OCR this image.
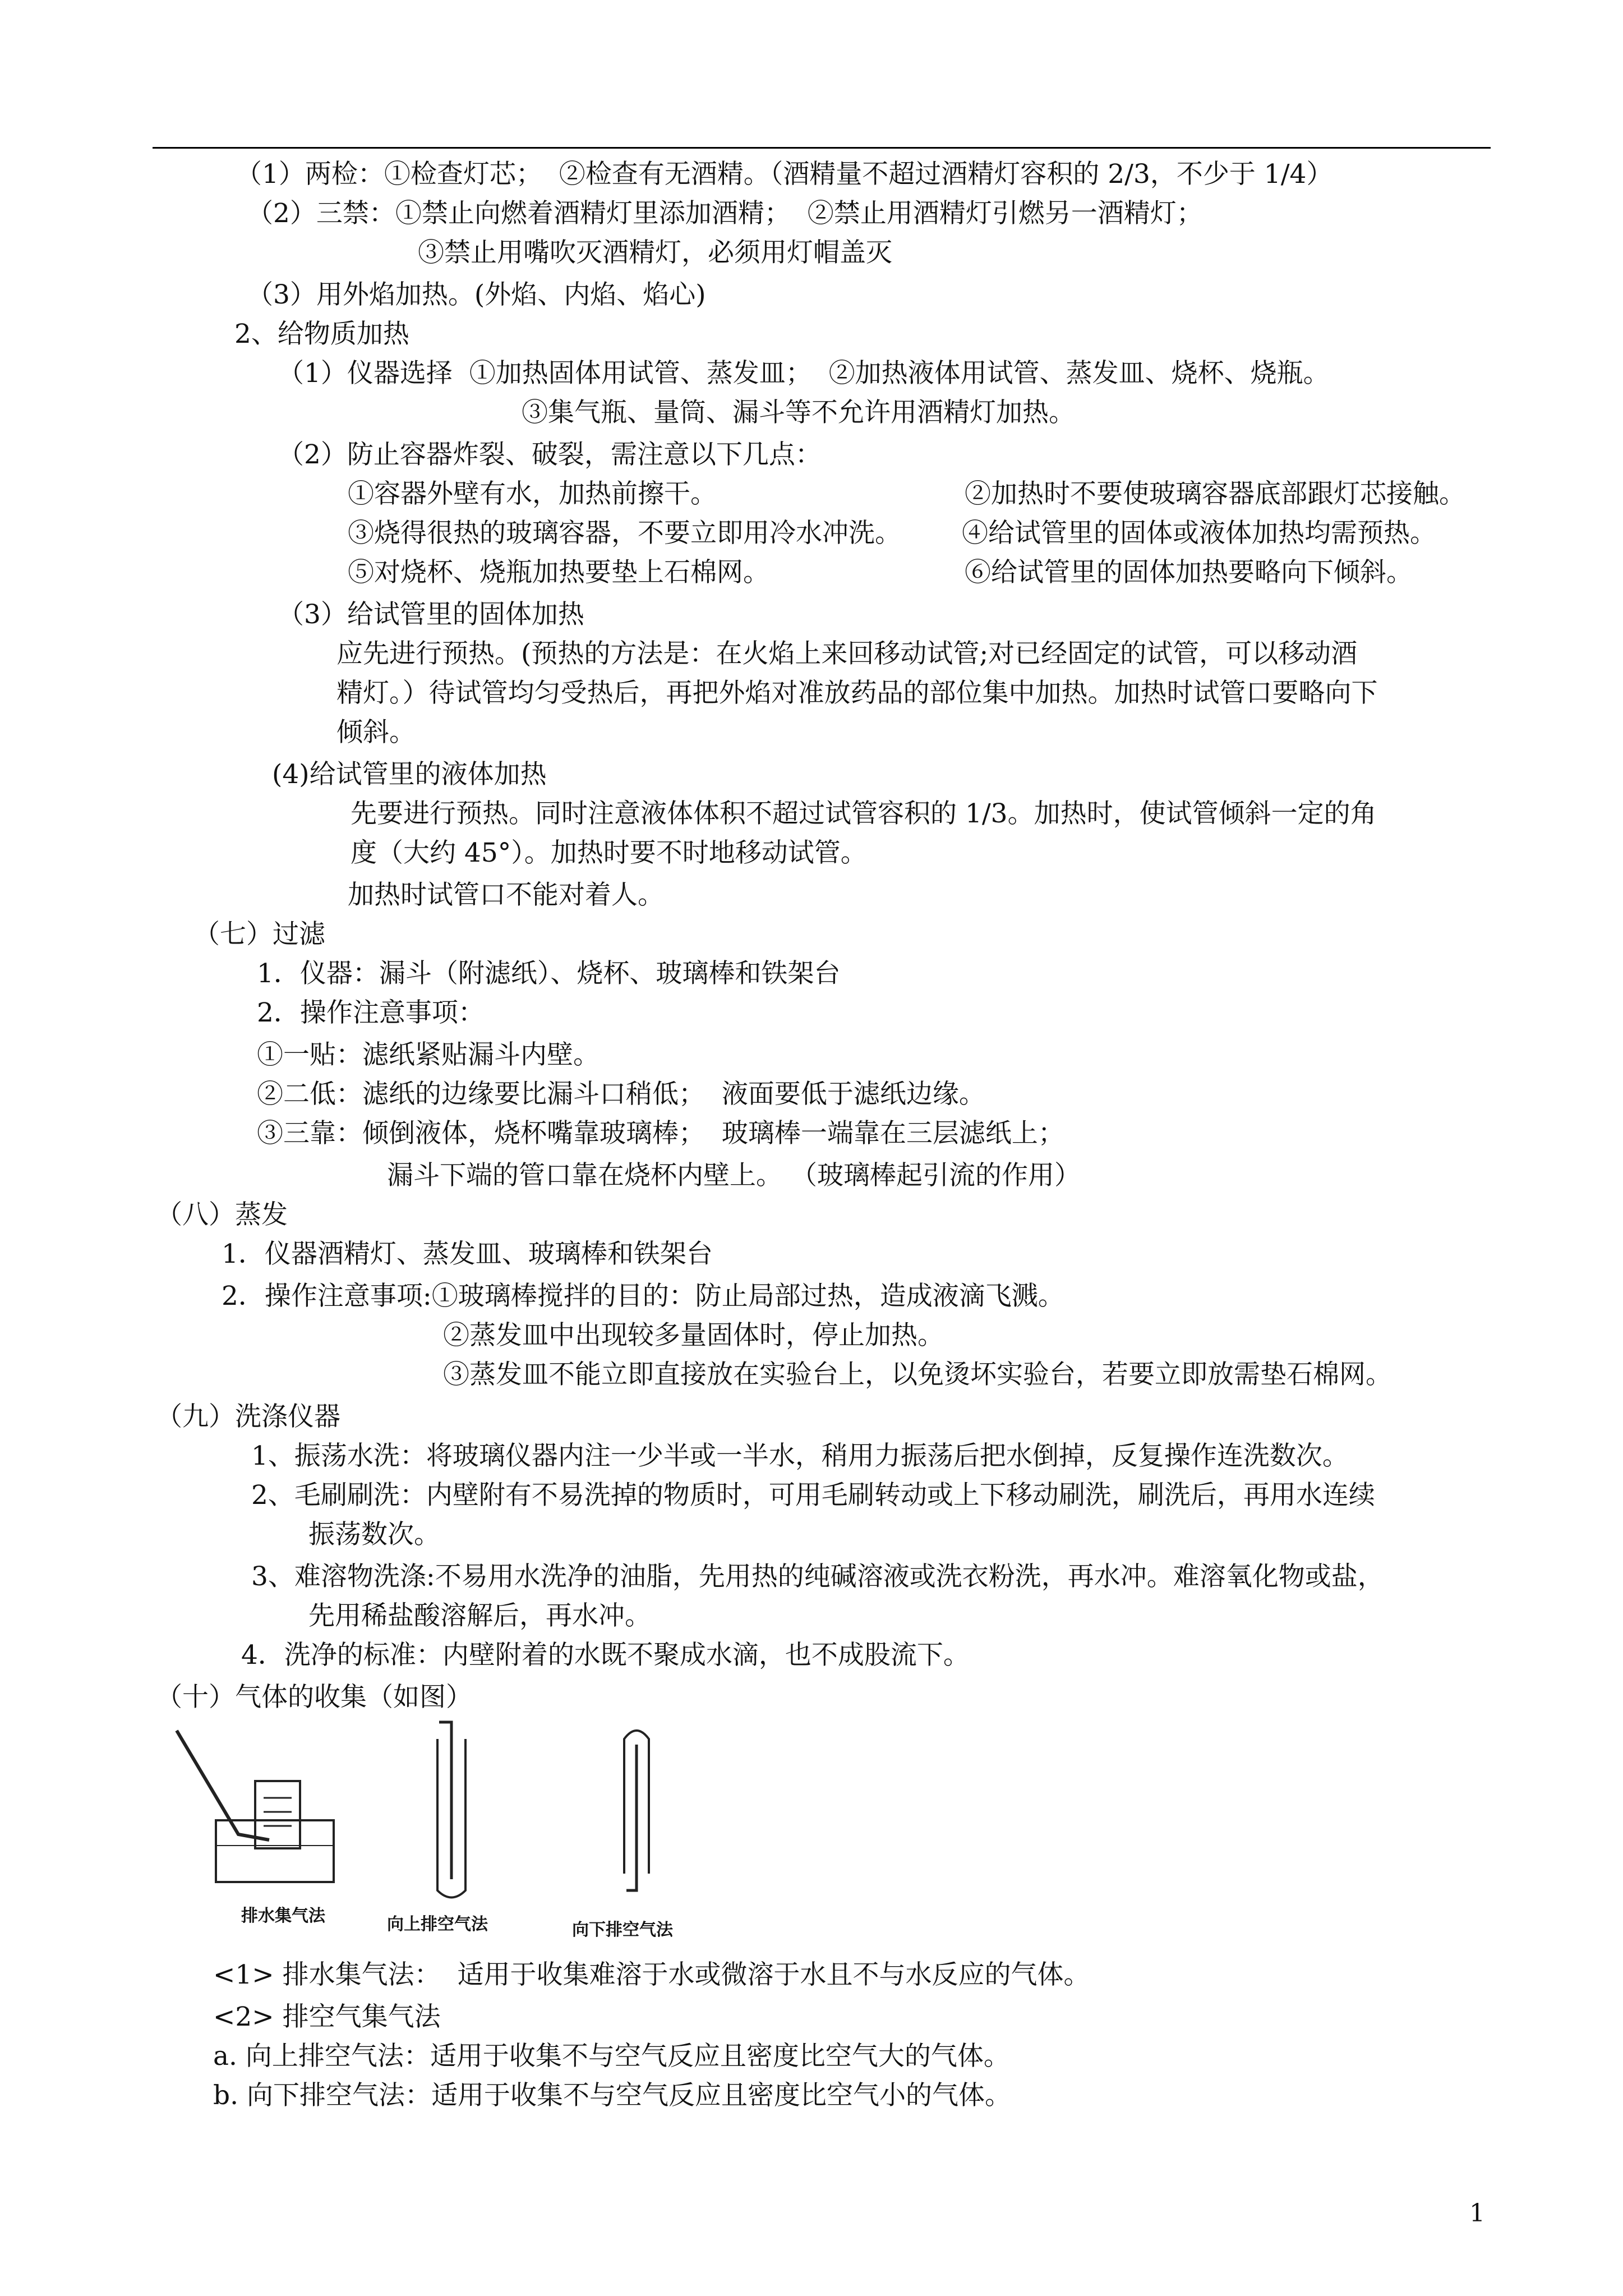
（1）两检：①检查灯芯；  ②检查有无酒精。（酒精量不超过酒精灯容积的 2/3，不少于 1/4）
（2）三禁：①禁止向燃着酒精灯里添加酒精；  ②禁止用酒精灯引燃另一酒精灯；
③禁止用嘴吹灭酒精灯，必须用灯帽盖灭
（3）用外焰加热。(外焰、内焰、焰心)
2、给物质加热
（1）仪器选择  ①加热固体用试管、蒸发皿；  ②加热液体用试管、蒸发皿、烧杯、烧瓶。
③集气瓶、量筒、漏斗等不允许用酒精灯加热。
（2）防止容器炸裂、破裂，需注意以下几点：
①容器外壁有水，加热前擦干。	②加热时不要使玻璃容器底部跟灯芯接触。
③烧得很热的玻璃容器，不要立即用冷水冲洗。 ④给试管里的固体或液体加热均需预热。
⑤对烧杯、烧瓶加热要垫上石棉网。	⑥给试管里的固体加热要略向下倾斜。
（3）给试管里的固体加热
应先进行预热。(预热的方法是：在火焰上来回移动试管;对已经固定的试管，可以移动酒
精灯。）待试管均匀受热后，再把外焰对准放药品的部位集中加热。加热时试管口要略向下
倾斜。
(4)给试管里的液体加热
先要进行预热。同时注意液体体积不超过试管容积的 1/3。加热时，使试管倾斜一定的角
度（大约 45°）。加热时要不时地移动试管。
加热时试管口不能对着人。
（七）过滤
1．仪器：漏斗（附滤纸）、烧杯、玻璃棒和铁架台
2．操作注意事项：
①一贴：滤纸紧贴漏斗内壁。
②二低：滤纸的边缘要比漏斗口稍低；  液面要低于滤纸边缘。
③三靠：倾倒液体，烧杯嘴靠玻璃棒；  玻璃棒一端靠在三层滤纸上；
漏斗下端的管口靠在烧杯内壁上。 （玻璃棒起引流的作用）
（八）蒸发
1．仪器酒精灯、蒸发皿、玻璃棒和铁架台
2．操作注意事项:①玻璃棒搅拌的目的：防止局部过热，造成液滴飞溅。
②蒸发皿中出现较多量固体时，停止加热。
③蒸发皿不能立即直接放在实验台上，以免烫坏实验台，若要立即放需垫石棉网。
（九）洗涤仪器
1、振荡水洗：将玻璃仪器内注一少半或一半水，稍用力振荡后把水倒掉，反复操作连洗数次。
2、毛刷刷洗：内壁附有不易洗掉的物质时，可用毛刷转动或上下移动刷洗，刷洗后，再用水连续
振荡数次。
3、难溶物洗涤:不易用水洗净的油脂，先用热的纯碱溶液或洗衣粉洗，再水冲。难溶氧化物或盐，
先用稀盐酸溶解后，再水冲。
4．洗净的标准：内壁附着的水既不聚成水滴，也不成股流下。
（十）气体的收集（如图）
排水集气法	向上排空气法	向下排空气法
<1> 排水集气法：  适用于收集难溶于水或微溶于水且不与水反应的气体。
<2> 排空气集气法
a. 向上排空气法：适用于收集不与空气反应且密度比空气大的气体。
b. 向下排空气法：适用于收集不与空气反应且密度比空气小的气体。
1
